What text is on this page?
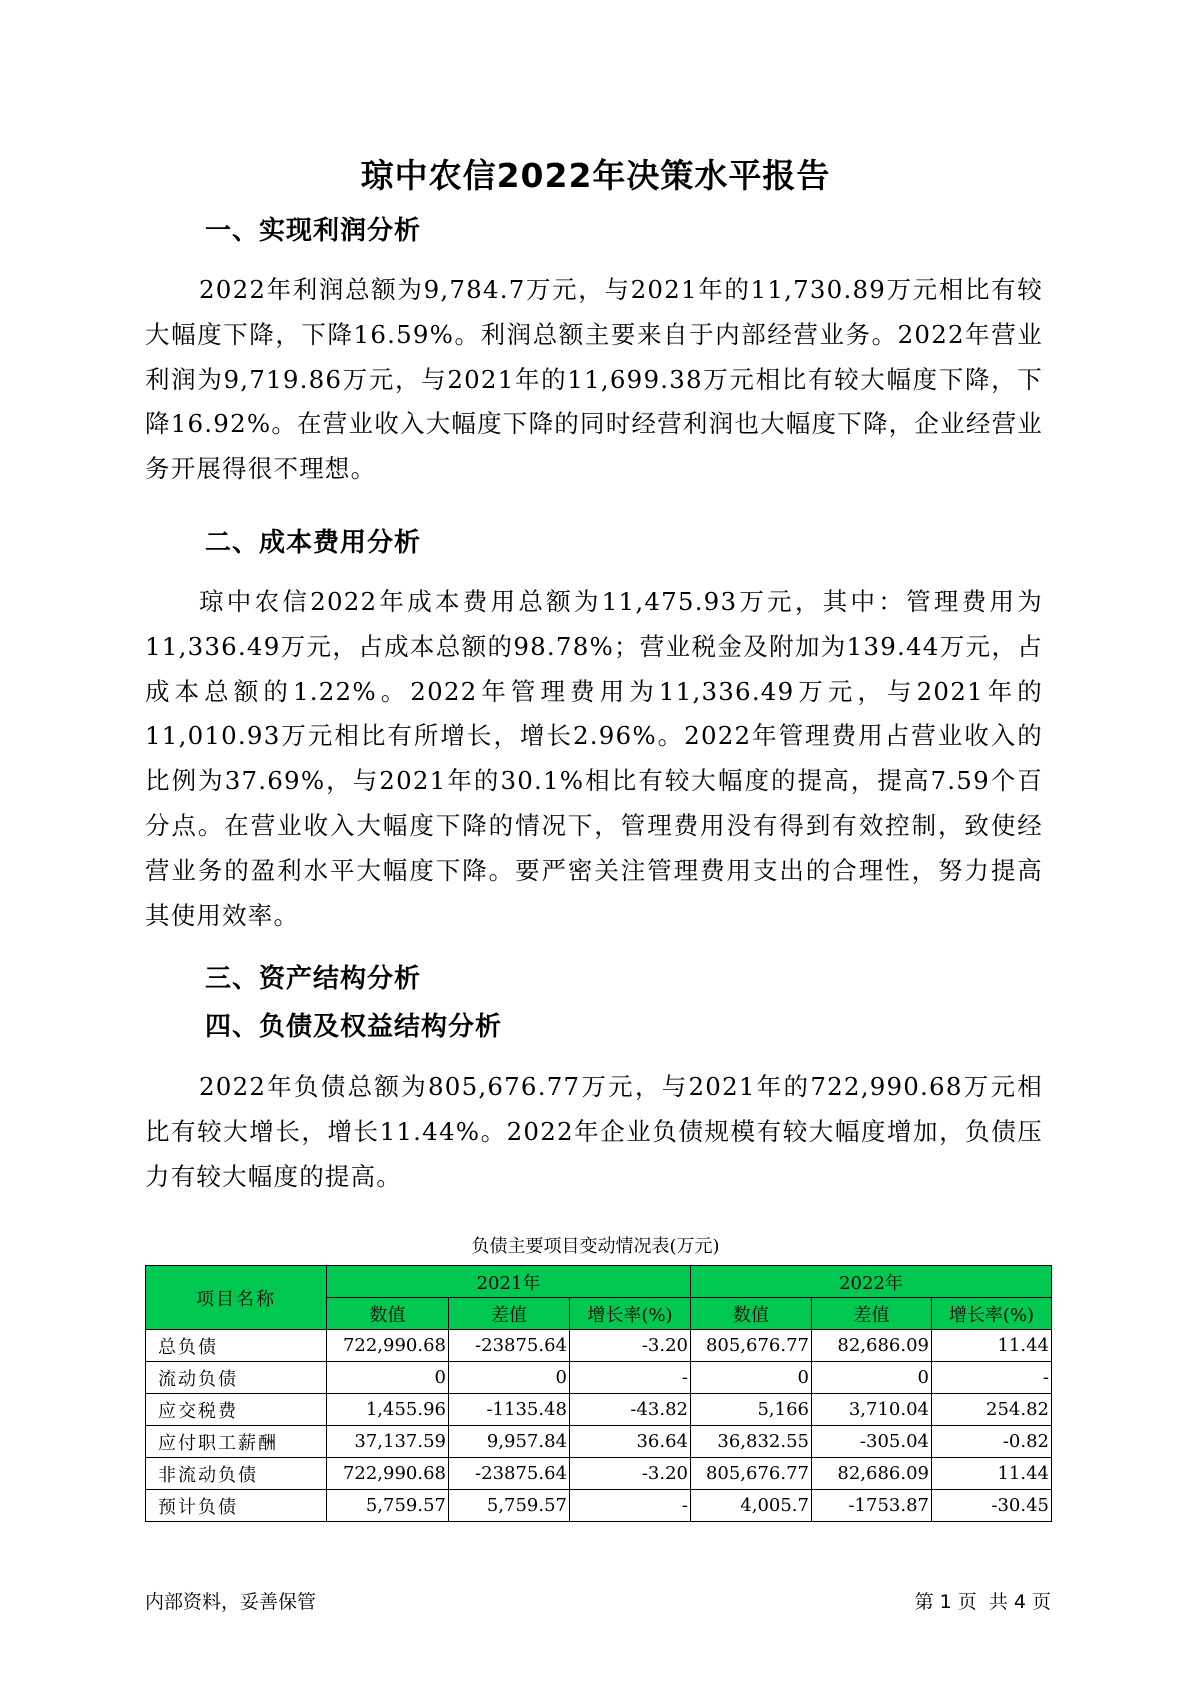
琼中农信2022年决策水平报告
一、实现利润分析

2022年利润总额为9,784.7万元，与2021年的11,730.89万元相比有较大幅度下降，下降16.59%。利润总额主要来自于内部经营业务。2022年营业利润为9,719.86万元，与2021年的11,699.38万元相比有较大幅度下降，下降16.92%。在营业收入大幅度下降的同时经营利润也大幅度下降，企业经营业务开展得很不理想。

二、成本费用分析

琼中农信2022年成本费用总额为11,475.93万元，其中：管理费用为11,336.49万元，占成本总额的98.78%；营业税金及附加为139.44万元，占成本总额的1.22%。2022年管理费用为11,336.49万元，与2021年的11,010.93万元相比有所增长，增长2.96%。2022年管理费用占营业收入的比例为37.69%，与2021年的30.1%相比有较大幅度的提高，提高7.59个百分点。在营业收入大幅度下降的情况下，管理费用没有得到有效控制，致使经营业务的盈利水平大幅度下降。要严密关注管理费用支出的合理性，努力提高其使用效率。

三、资产结构分析
四、负债及权益结构分析

2022年负债总额为805,676.77万元，与2021年的722,990.68万元相比有较大增长，增长11.44%。2022年企业负债规模有较大幅度增加，负债压力有较大幅度的提高。

负债主要项目变动情况表(万元)
项目名称	2021年			2022年		
	数值	差值	增长率(%)	数值	差值	增长率(%)
总负债	722,990.68	-23875.64	-3.20	805,676.77	82,686.09	11.44
流动负债	0	0	-	0	0	-
应交税费	1,455.96	-1135.48	-43.82	5,166	3,710.04	254.82
应付职工薪酬	37,137.59	9,957.84	36.64	36,832.55	-305.04	-0.82
非流动负债	722,990.68	-23875.64	-3.20	805,676.77	82,686.09	11.44
预计负债	5,759.57	5,759.57	-	4,005.7	-1753.87	-30.45
内部资料，妥善保管	第 1 页  共 4 页
